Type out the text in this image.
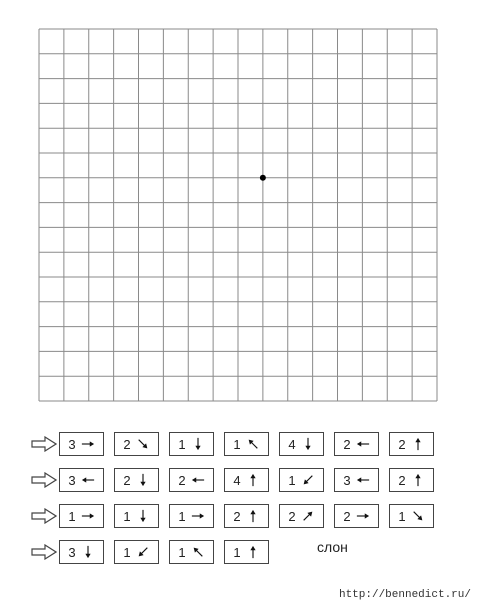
3	2	1	1	4	2	2
3	2	2	4	1	3	2
1	1	1	2	2	2	1
3	1	1	1	слон
http://bennedict.ru/
